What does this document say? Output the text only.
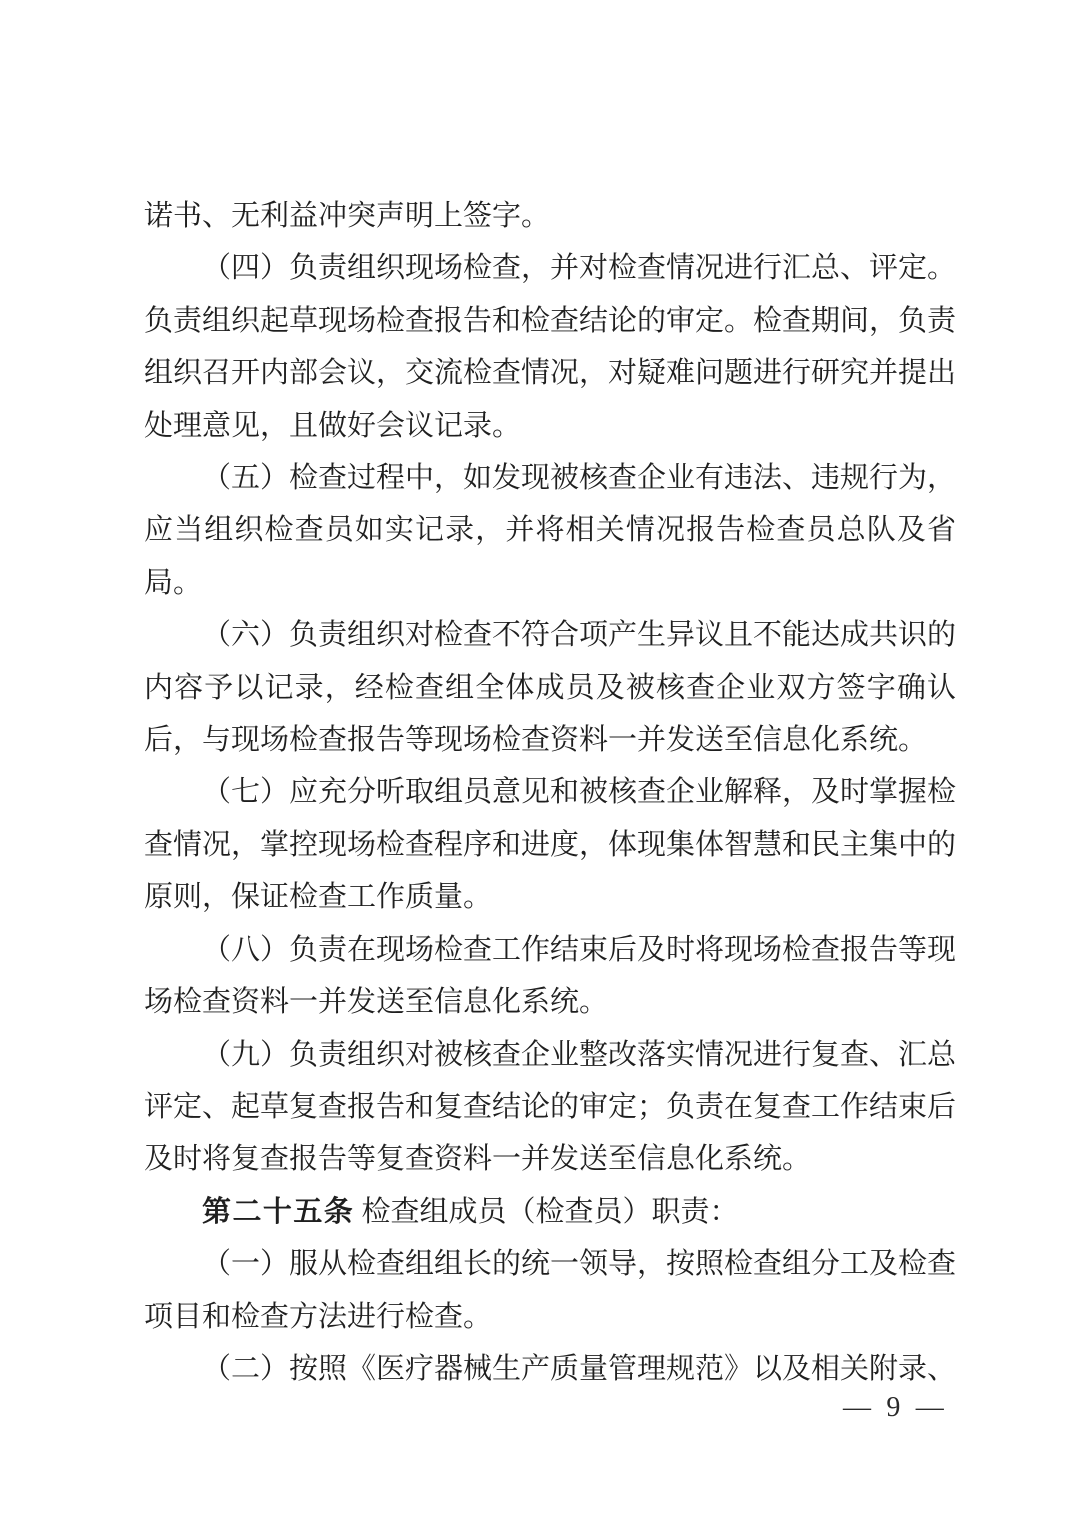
诺书、无利益冲突声明上签字。

（四）负责组织现场检查，并对检查情况进行汇总、评定。负责组织起草现场检查报告和检查结论的审定。检查期间，负责组织召开内部会议，交流检查情况，对疑难问题进行研究并提出处理意见，且做好会议记录。

（五）检查过程中，如发现被核查企业有违法、违规行为，应当组织检查员如实记录，并将相关情况报告检查员总队及省局。

（六）负责组织对检查不符合项产生异议且不能达成共识的内容予以记录，经检查组全体成员及被核查企业双方签字确认后，与现场检查报告等现场检查资料一并发送至信息化系统。

（七）应充分听取组员意见和被核查企业解释，及时掌握检查情况，掌控现场检查程序和进度，体现集体智慧和民主集中的原则，保证检查工作质量。

（八）负责在现场检查工作结束后及时将现场检查报告等现场检查资料一并发送至信息化系统。

（九）负责组织对被核查企业整改落实情况进行复查、汇总评定、起草复查报告和复查结论的审定；负责在复查工作结束后及时将复查报告等复查资料一并发送至信息化系统。

第二十五条 检查组成员（检查员）职责：

（一）服从检查组组长的统一领导，按照检查组分工及检查项目和检查方法进行检查。

（二）按照《医疗器械生产质量管理规范》以及相关附录、

— 9 —
